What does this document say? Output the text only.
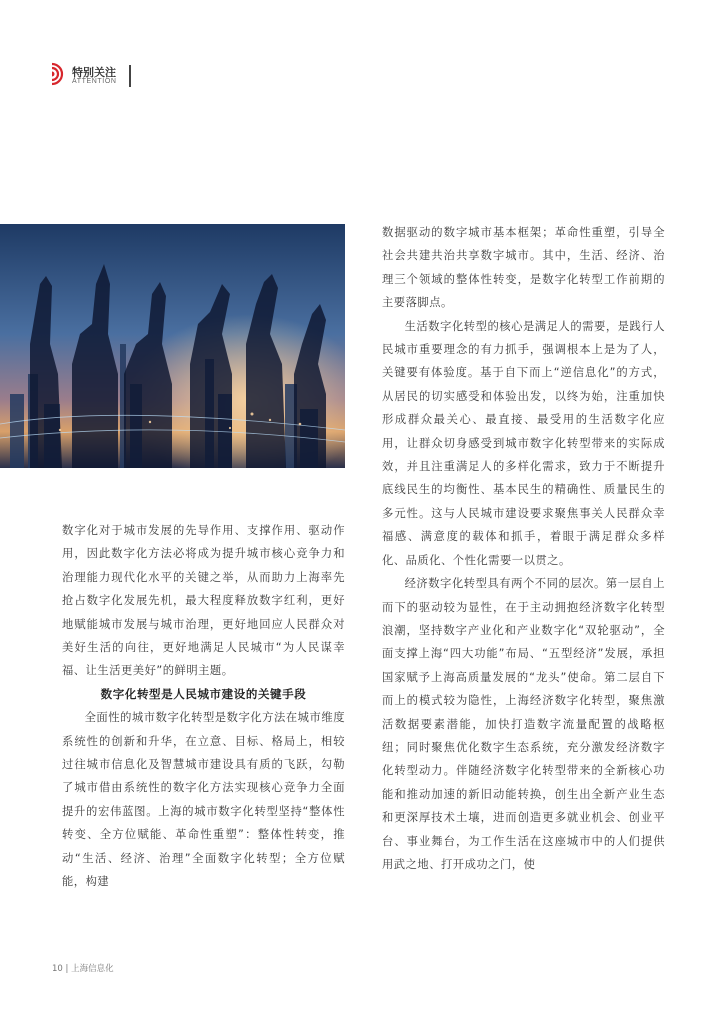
特别关注
ATTENTION

数字化对于城市发展的先导作用、支撑作用、驱动作用，因此数字化方法必将成为提升城市核心竞争力和治理能力现代化水平的关键之举，从而助力上海率先抢占数字化发展先机，最大程度释放数字红利，更好地赋能城市发展与城市治理，更好地回应人民群众对美好生活的向往，更好地满足人民城市“为人民谋幸福、让生活更美好”的鲜明主题。

数字化转型是人民城市建设的关键手段

全面性的城市数字化转型是数字化方法在城市维度系统性的创新和升华，在立意、目标、格局上，相较过往城市信息化及智慧城市建设具有质的飞跃，勾勒了城市借由系统性的数字化方法实现核心竞争力全面提升的宏伟蓝图。上海的城市数字化转型坚持“整体性转变、全方位赋能、革命性重塑”：整体性转变，推动“生活、经济、治理”全面数字化转型；全方位赋能，构建

数据驱动的数字城市基本框架；革命性重塑，引导全社会共建共治共享数字城市。其中，生活、经济、治理三个领域的整体性转变，是数字化转型工作前期的主要落脚点。

生活数字化转型的核心是满足人的需要，是践行人民城市重要理念的有力抓手，强调根本上是为了人，关键要有体验度。基于自下而上“逆信息化”的方式，从居民的切实感受和体验出发，以终为始，注重加快形成群众最关心、最直接、最受用的生活数字化应用，让群众切身感受到城市数字化转型带来的实际成效，并且注重满足人的多样化需求，致力于不断提升底线民生的均衡性、基本民生的精确性、质量民生的多元性。这与人民城市建设要求聚焦事关人民群众幸福感、满意度的载体和抓手，着眼于满足群众多样化、品质化、个性化需要一以贯之。

经济数字化转型具有两个不同的层次。第一层自上而下的驱动较为显性，在于主动拥抱经济数字化转型浪潮，坚持数字产业化和产业数字化“双轮驱动”，全面支撑上海“四大功能”布局、“五型经济”发展，承担国家赋予上海高质量发展的“龙头”使命。第二层自下而上的模式较为隐性，上海经济数字化转型，聚焦激活数据要素潜能，加快打造数字流量配置的战略枢纽；同时聚焦优化数字生态系统，充分激发经济数字化转型动力。伴随经济数字化转型带来的全新核心功能和推动加速的新旧动能转换，创生出全新产业生态和更深厚技术土壤，进而创造更多就业机会、创业平台、事业舞台，为工作生活在这座城市中的人们提供用武之地、打开成功之门，使

10 | 上海信息化
